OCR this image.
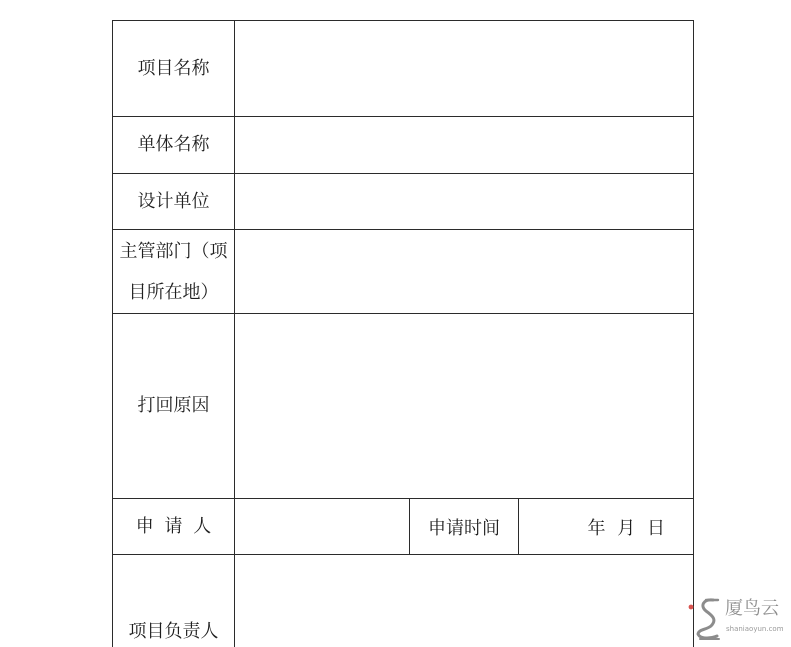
项目名称
单体名称
设计单位
主管部门（项
目所在地）
打回原因
申 请 人	申请时间	年 月 日
项目负责人
厦鸟云
shaniaoyun.com
